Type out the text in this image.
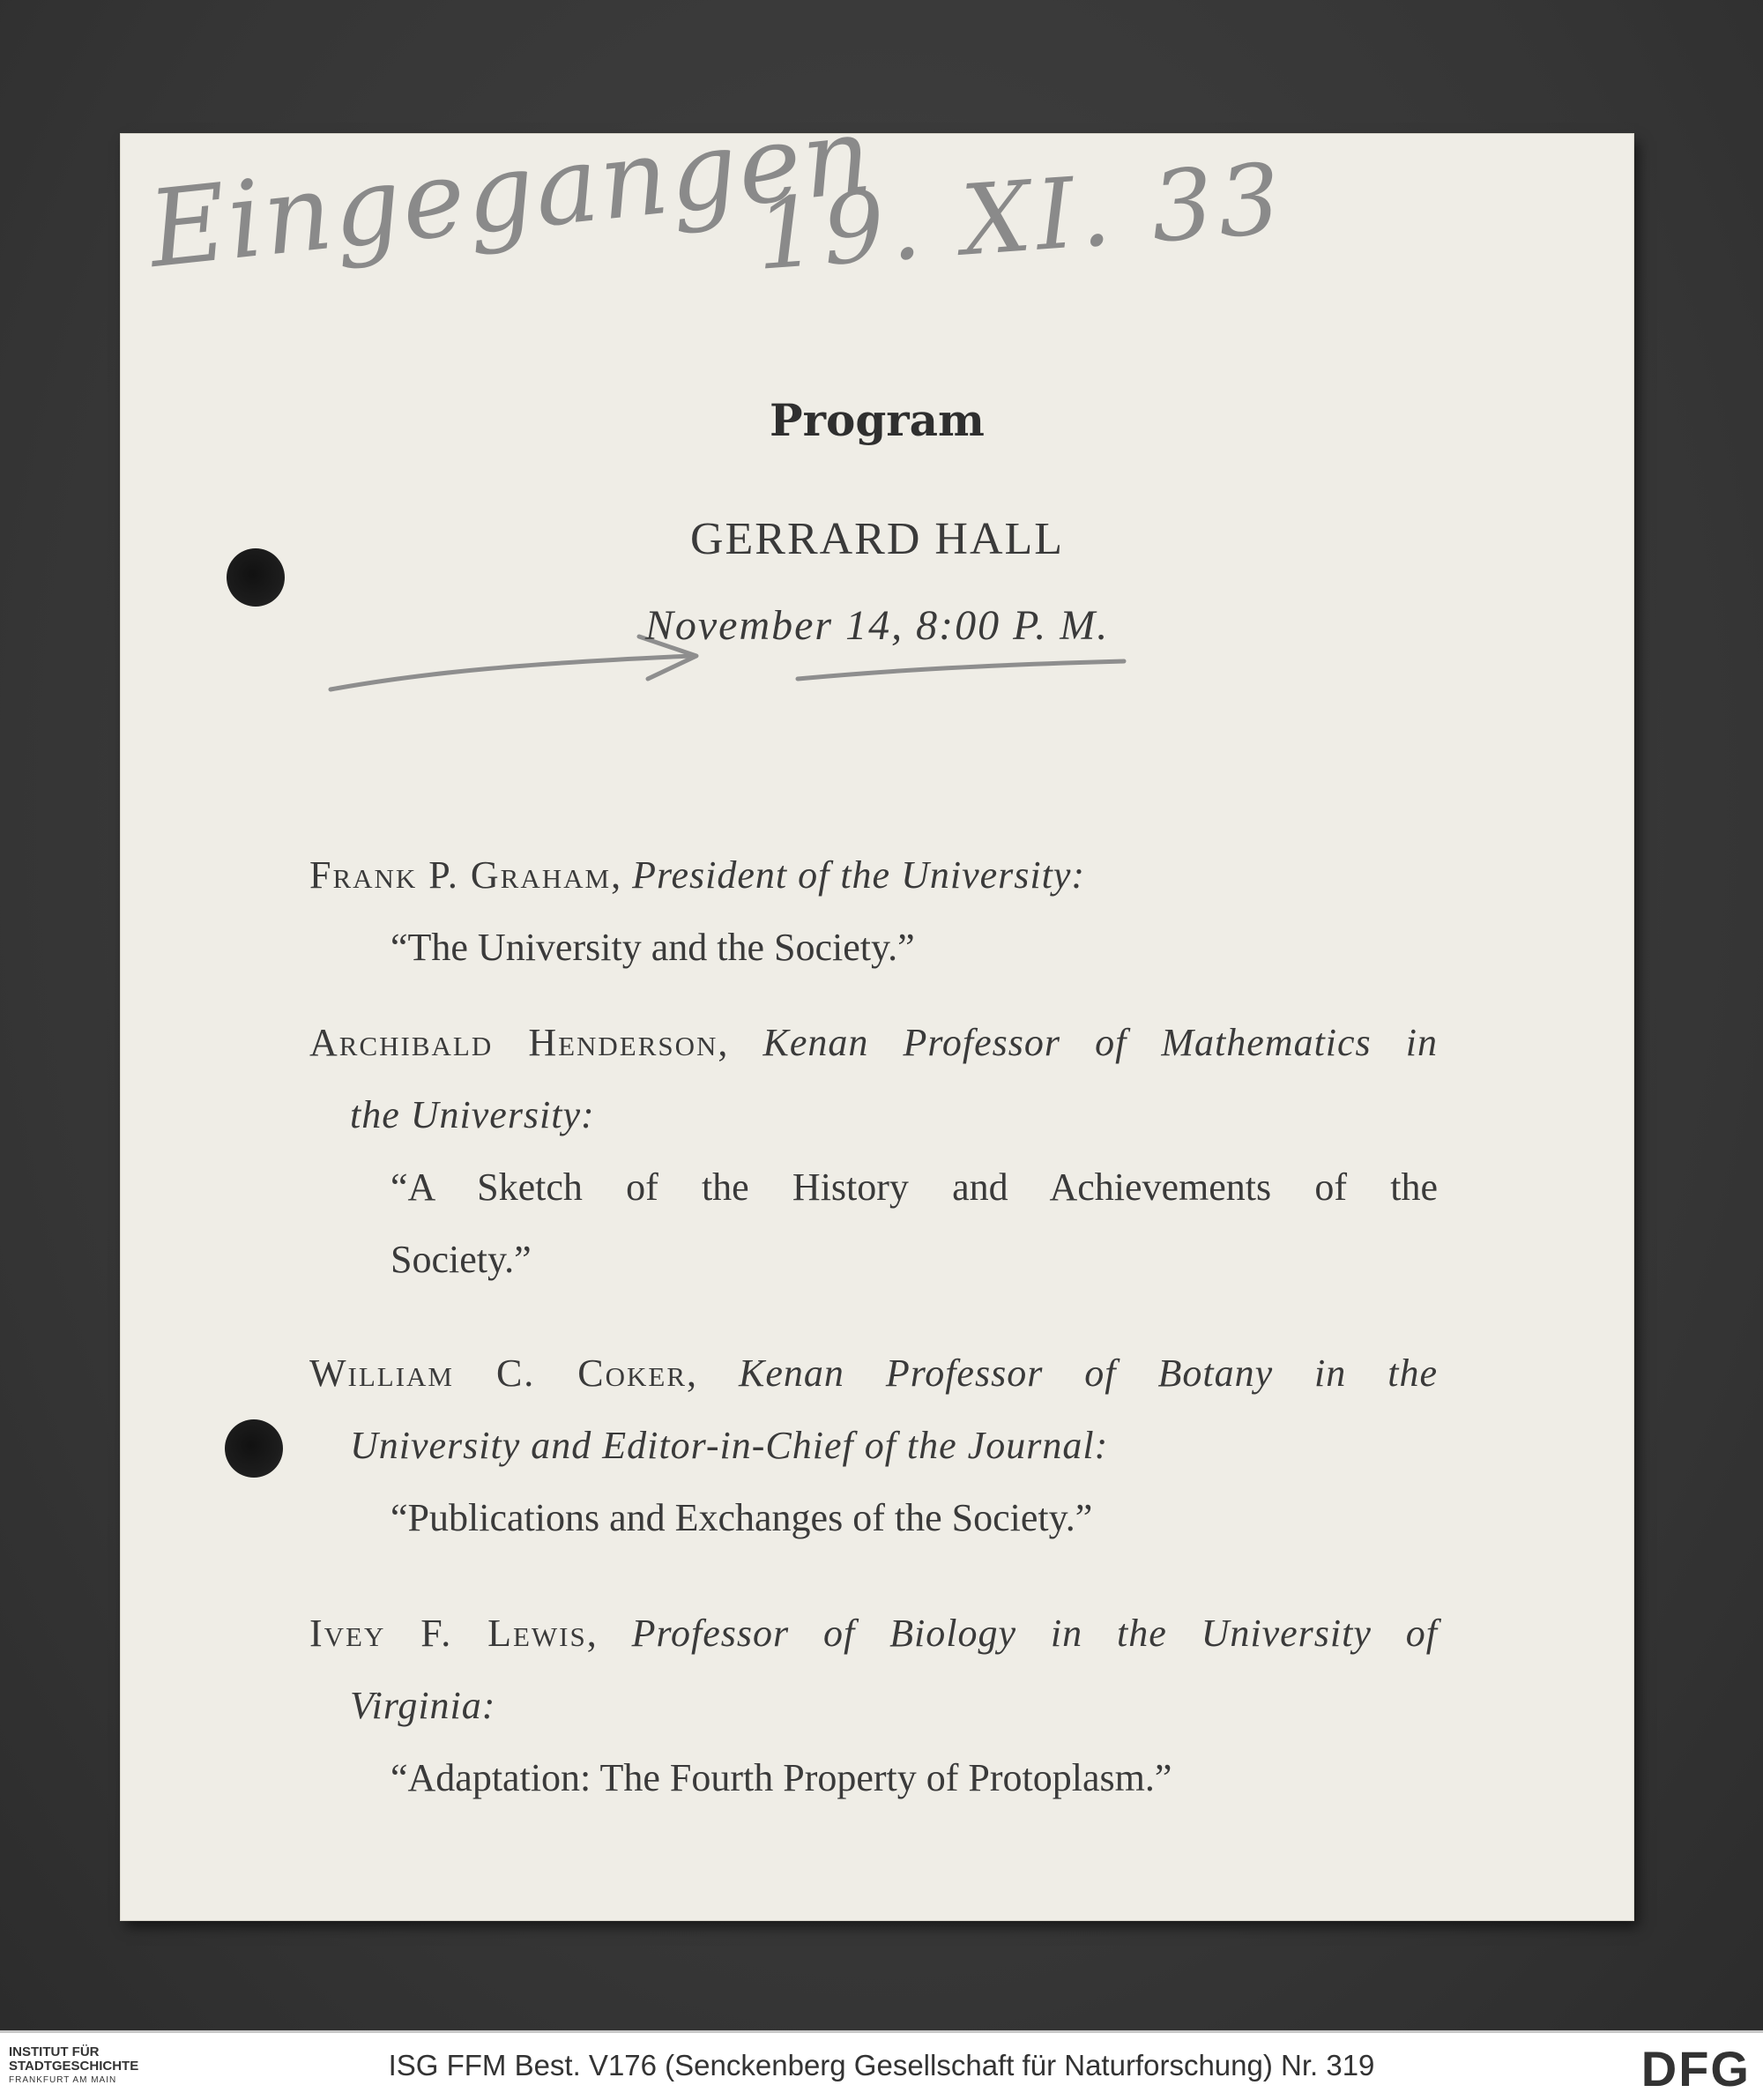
Eingegangen
19. XI. 33
Program
GERRARD HALL
November 14, 8:00 P. M.
Frank P. Graham, President of the University:
“The University and the Society.”
Archibald Henderson, Kenan Professor of Mathematics in
the University:
“A Sketch of the History and Achievements of the
Society.”
William C. Coker, Kenan Professor of Botany in the
University and Editor-in-Chief of the Journal:
“Publications and Exchanges of the Society.”
Ivey F. Lewis, Professor of Biology in the University of
Virginia:
“Adaptation: The Fourth Property of Protoplasm.”
INSTITUT FÜR
STADTGESCHICHTE
FRANKFURT AM MAIN	ISG FFM Best. V176 (Senckenberg Gesellschaft für Naturforschung) Nr. 319	DFG
